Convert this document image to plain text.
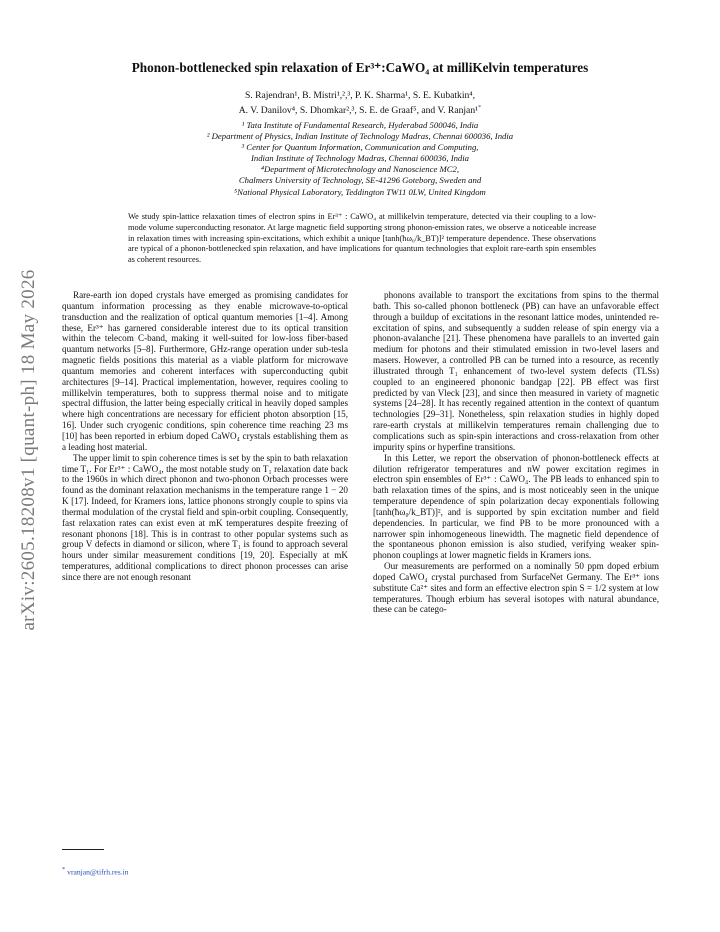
arXiv:2605.18208v1 [quant-ph] 18 May 2026
Phonon-bottlenecked spin relaxation of Er³⁺:CaWO₄ at milliKelvin temperatures
S. Rajendran¹, B. Mistri¹,²,³, P. K. Sharma¹, S. E. Kubatkin⁴,
A. V. Danilov⁴, S. Dhomkar²,³, S. E. de Graaf⁵, and V. Ranjan¹*
¹ Tata Institute of Fundamental Research, Hyderabad 500046, India
² Department of Physics, Indian Institute of Technology Madras, Chennai 600036, India
³ Center for Quantum Information, Communication and Computing,
Indian Institute of Technology Madras, Chennai 600036, India
⁴Department of Microtechnology and Nanoscience MC2,
Chalmers University of Technology, SE-41296 Goteborg, Sweden and
⁵National Physical Laboratory, Teddington TW11 0LW, United Kingdom
We study spin-lattice relaxation times of electron spins in Er³⁺ : CaWO₄ at millikelvin temperature, detected via their coupling to a low-mode volume superconducting resonator. At large magnetic field supporting strong phonon-emission rates, we observe a noticeable increase in relaxation times with increasing spin-excitations, which exhibit a unique [tanh(ħω₀/k_BT)]² temperature dependence. These observations are typical of a phonon-bottlenecked spin relaxation, and have implications for quantum technologies that exploit rare-earth spin ensembles as coherent resources.

Rare-earth ion doped crystals have emerged as promising candidates for quantum information processing as they enable microwave-to-optical transduction and the realization of optical quantum memories [1–4]. Among these, Er³⁺ has garnered considerable interest due to its optical transition within the telecom C-band, making it well-suited for low-loss fiber-based quantum networks [5–8]. Furthermore, GHz-range operation under sub-tesla magnetic fields positions this material as a viable platform for microwave quantum memories and coherent interfaces with superconducting qubit architectures [9–14]. Practical implementation, however, requires cooling to millikelvin temperatures, both to suppress thermal noise and to mitigate spectral diffusion, the latter being especially critical in heavily doped samples where high concentrations are necessary for efficient photon absorption [15, 16]. Under such cryogenic conditions, spin coherence time reaching 23 ms [10] has been reported in erbium doped CaWO₄ crystals establishing them as a leading host material.

The upper limit to spin coherence times is set by the spin to bath relaxation time T₁. For Er³⁺ : CaWO₄, the most notable study on T₁ relaxation date back to the 1960s in which direct phonon and two-phonon Orbach processes were found as the dominant relaxation mechanisms in the temperature range 1 − 20 K [17]. Indeed, for Kramers ions, lattice phonons strongly couple to spins via thermal modulation of the crystal field and spin-orbit coupling. Consequently, fast relaxation rates can exist even at mK temperatures despite freezing of resonant phonons [18]. This is in contrast to other popular systems such as group V defects in diamond or silicon, where T₁ is found to approach several hours under similar measurement conditions [19, 20]. Especially at mK temperatures, additional complications to direct phonon processes can arise since there are not enough resonant

phonons available to transport the excitations from spins to the thermal bath. This so-called phonon bottleneck (PB) can have an unfavorable effect through a buildup of excitations in the resonant lattice modes, unintended re-excitation of spins, and subsequently a sudden release of spin energy via a phonon-avalanche [21]. These phenomena have parallels to an inverted gain medium for photons and their stimulated emission in two-level lasers and masers. However, a controlled PB can be turned into a resource, as recently illustrated through T₁ enhancement of two-level system defects (TLSs) coupled to an engineered phononic bandgap [22]. PB effect was first predicted by van Vleck [23], and since then measured in variety of magnetic systems [24–28]. It has recently regained attention in the context of quantum technologies [29–31]. Nonetheless, spin relaxation studies in highly doped rare-earth crystals at millikelvin temperatures remain challenging due to complications such as spin-spin interactions and cross-relaxation from other impurity spins or hyperfine transitions.

In this Letter, we report the observation of phonon-bottleneck effects at dilution refrigerator temperatures and nW power excitation regimes in electron spin ensembles of Er³⁺ : CaWO₄. The PB leads to enhanced spin to bath relaxation times of the spins, and is most noticeably seen in the unique temperature dependence of spin polarization decay exponentials following [tanh(ħω₀/k_BT)]², and is supported by spin excitation number and field dependencies. In particular, we find PB to be more pronounced with a narrower spin inhomogeneous linewidth. The magnetic field dependence of the spontaneous phonon emission is also studied, verifying weaker spin-phonon couplings at lower magnetic fields in Kramers ions.

Our measurements are performed on a nominally 50 ppm doped erbium doped CaWO₄ crystal purchased from SurfaceNet Germany. The Er³⁺ ions substitute Ca²⁺ sites and form an effective electron spin S = 1/2 system at low temperatures. Though erbium has several isotopes with natural abundance, these can be catego-

* vranjan@tifrh.res.in
